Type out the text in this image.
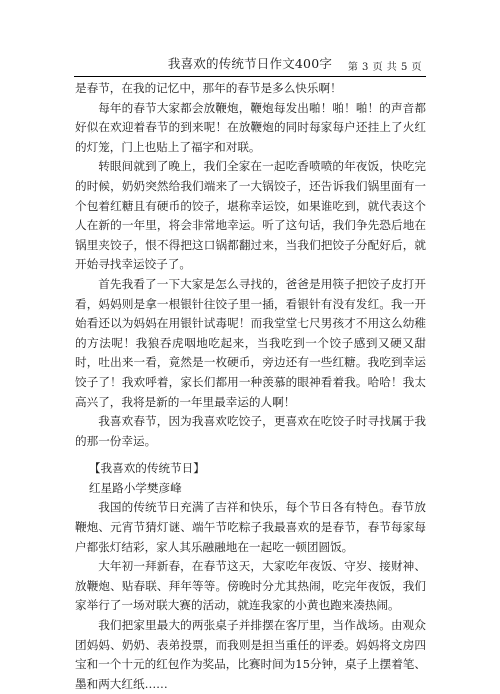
我喜欢的传统节日作文400字	第 3 页 共 5 页

是春节，在我的记忆中，那年的春节是多么快乐啊！

每年的春节大家都会放鞭炮，鞭炮每发出啪！啪！啪！的声音都好似在欢迎着春节的到来呢！在放鞭炮的同时每家每户还挂上了火红的灯笼，门上也贴上了福字和对联。

转眼间就到了晚上，我们全家在一起吃香喷喷的年夜饭，快吃完的时候，奶奶突然给我们端来了一大锅饺子，还告诉我们锅里面有一个包着红糖且有硬币的饺子，堪称幸运饺，如果谁吃到，就代表这个人在新的一年里，将会非常地幸运。听了这句话，我们争先恐后地在锅里夹饺子，恨不得把这口锅都翻过来，当我们把饺子分配好后，就开始寻找幸运饺子了。

首先我看了一下大家是怎么寻找的，爸爸是用筷子把饺子皮打开看，妈妈则是拿一根银针往饺子里一插，看银针有没有发红。我一开始看还以为妈妈在用银针试毒呢！而我堂堂七尺男孩才不用这么幼稚的方法呢！我狼吞虎咽地吃起来，当我吃到一个饺子感到又硬又甜时，吐出来一看，竟然是一枚硬币，旁边还有一些红糖。我吃到幸运饺子了！我欢呼着，家长们都用一种羡慕的眼神看着我。哈哈！我太高兴了，我将是新的一年里最幸运的人啊！

我喜欢春节，因为我喜欢吃饺子，更喜欢在吃饺子时寻找属于我的那一份幸运。

【我喜欢的传统节日】

红星路小学樊彦峰

我国的传统节日充满了吉祥和快乐，每个节日各有特色。春节放鞭炮、元宵节猜灯谜、端午节吃粽子我最喜欢的是春节，春节每家每户都张灯结彩，家人其乐融融地在一起吃一顿团圆饭。

大年初一拜新春，在春节这天，大家吃年夜饭、守岁、接财神、放鞭炮、贴春联、拜年等等。傍晚时分尤其热闹，吃完年夜饭，我们家举行了一场对联大赛的活动，就连我家的小黄也跑来凑热闹。

我们把家里最大的两张桌子并排摆在客厅里，当作战场。由观众团妈妈、奶奶、表弟投票，而我则是担当重任的评委。妈妈将文房四宝和一个十元的红包作为奖品，比赛时间为15分钟，桌子上摆着笔、墨和两大红纸……
